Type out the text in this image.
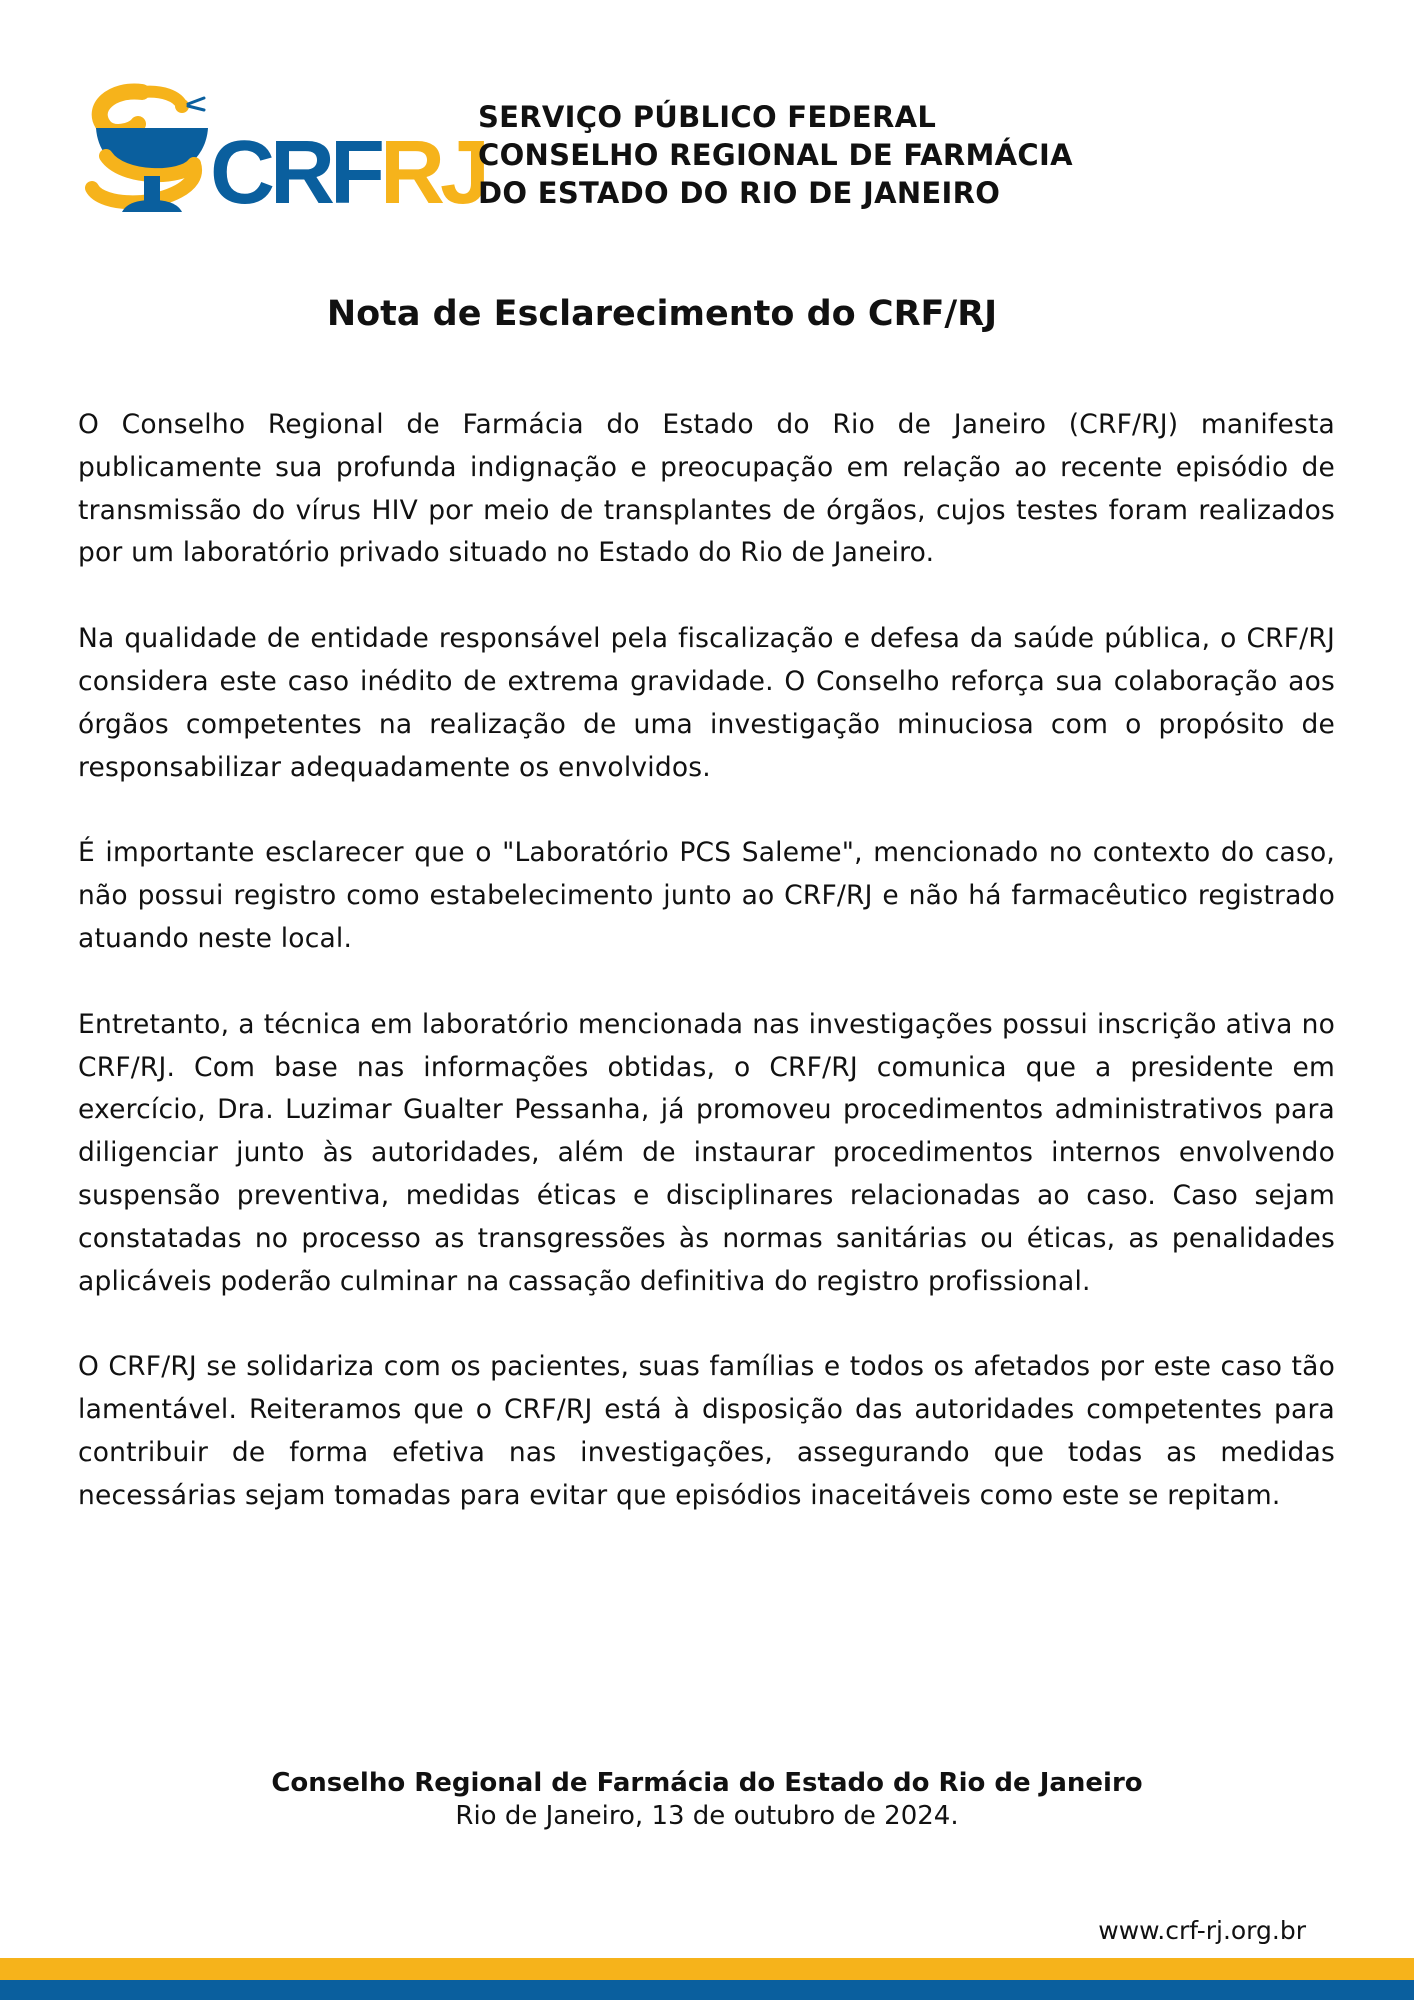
CRFRJ
SERVIÇO PÚBLICO FEDERAL
CONSELHO REGIONAL DE FARMÁCIA
DO ESTADO DO RIO DE JANEIRO
Nota de Esclarecimento do CRF/RJ

O Conselho Regional de Farmácia do Estado do Rio de Janeiro (CRF/RJ) manifesta publicamente sua profunda indignação e preocupação em relação ao recente episódio de transmissão do vírus HIV por meio de transplantes de órgãos, cujos testes foram realizados por um laboratório privado situado no Estado do Rio de Janeiro.

Na qualidade de entidade responsável pela fiscalização e defesa da saúde pública, o CRF/RJ considera este caso inédito de extrema gravidade. O Conselho reforça sua colaboração aos órgãos competentes na realização de uma investigação minuciosa com o propósito de responsabilizar adequadamente os envolvidos.

É importante esclarecer que o "Laboratório PCS Saleme", mencionado no contexto do caso, não possui registro como estabelecimento junto ao CRF/RJ e não há farmacêutico registrado atuando neste local.

Entretanto, a técnica em laboratório mencionada nas investigações possui inscrição ativa no CRF/RJ. Com base nas informações obtidas, o CRF/RJ comunica que a presidente em exercício, Dra. Luzimar Gualter Pessanha, já promoveu procedimentos administrativos para diligenciar junto às autoridades, além de instaurar procedimentos internos envolvendo suspensão preventiva, medidas éticas e disciplinares relacionadas ao caso. Caso sejam constatadas no processo as transgressões às normas sanitárias ou éticas, as penalidades aplicáveis poderão culminar na cassação definitiva do registro profissional.

O CRF/RJ se solidariza com os pacientes, suas famílias e todos os afetados por este caso tão lamentável. Reiteramos que o CRF/RJ está à disposição das autoridades competentes para contribuir de forma efetiva nas investigações, assegurando que todas as medidas necessárias sejam tomadas para evitar que episódios inaceitáveis como este se repitam.

Conselho Regional de Farmácia do Estado do Rio de Janeiro
Rio de Janeiro, 13 de outubro de 2024.
www.crf-rj.org.br
